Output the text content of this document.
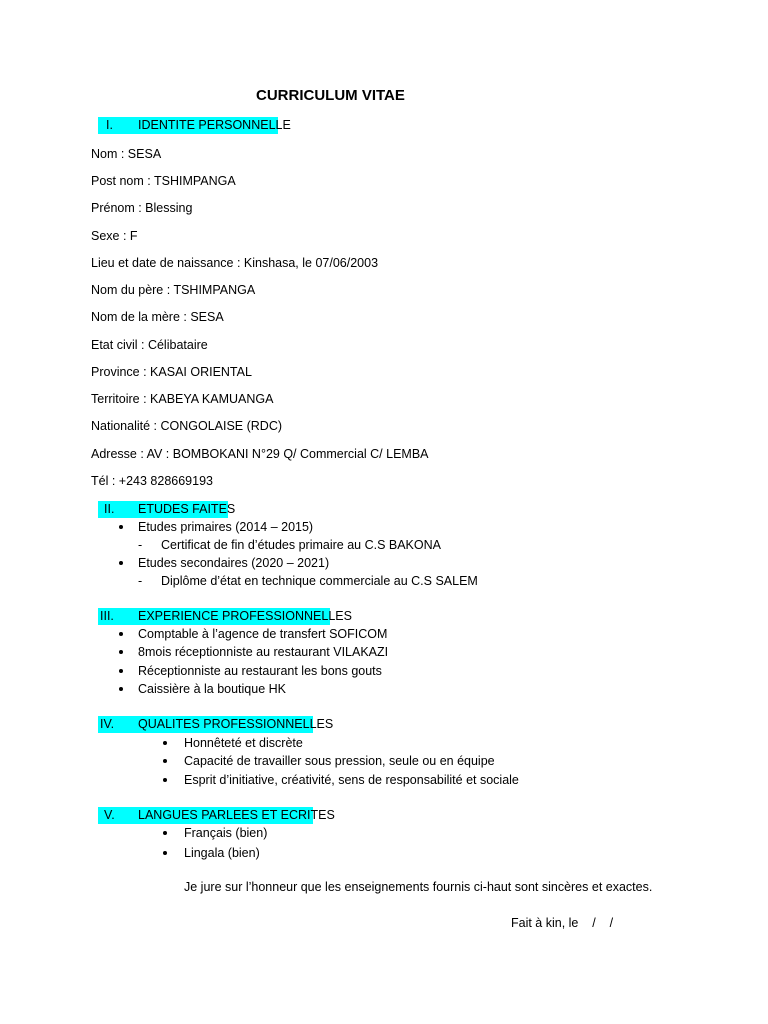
CURRICULUM VITAE
I. IDENTITE PERSONNELLE
Nom : SESA
Post nom : TSHIMPANGA
Prénom : Blessing
Sexe : F
Lieu et date de naissance : Kinshasa, le 07/06/2003
Nom du père : TSHIMPANGA
Nom de la mère : SESA
Etat civil : Célibataire
Province : KASAI ORIENTAL
Territoire : KABEYA KAMUANGA
Nationalité : CONGOLAISE (RDC)
Adresse : AV : BOMBOKANI N°29 Q/ Commercial C/ LEMBA
Tél : +243 828669193
II. ETUDES FAITES
Etudes primaires (2014 – 2015)
- Certificat de fin d’études primaire au C.S BAKONA
Etudes secondaires (2020 – 2021)
- Diplôme d’état en technique commerciale au C.S SALEM
III. EXPERIENCE PROFESSIONNELLES
Comptable à l’agence de transfert SOFICOM
8mois réceptionniste au restaurant VILAKAZI
Réceptionniste au restaurant les bons gouts
Caissière à la boutique HK
IV. QUALITES PROFESSIONNELLES
Honnêteté et discrète
Capacité de travailler sous pression, seule ou en équipe
Esprit d’initiative, créativité, sens de responsabilité et sociale
V. LANGUES PARLEES ET ECRITES
Français (bien)
Lingala (bien)
Je jure sur l’honneur que les enseignements fournis ci-haut sont sincères et exactes.
Fait à kin, le    /    /
